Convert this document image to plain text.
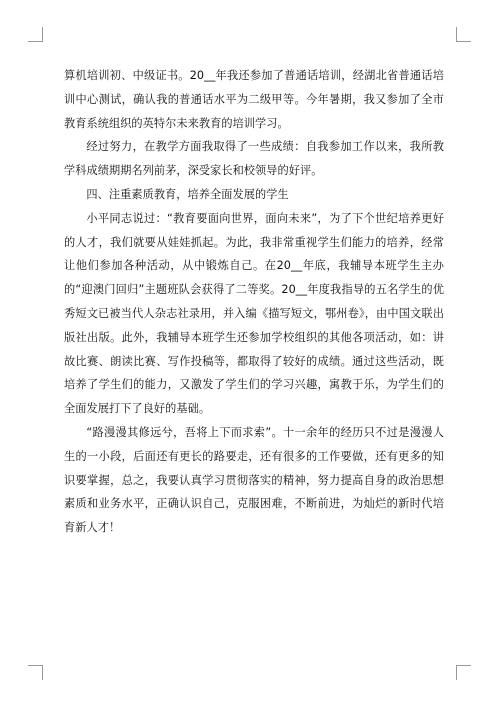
算机培训初、中级证书。20__年我还参加了普通话培训，经湖北省普通话培训中心测试，确认我的普通话水平为二级甲等。今年暑期，我又参加了全市教育系统组织的英特尔未来教育的培训学习。

经过努力，在教学方面我取得了一些成绩：自我参加工作以来，我所教学科成绩期期名列前茅，深受家长和校领导的好评。

四、注重素质教育，培养全面发展的学生

小平同志说过：“教育要面向世界，面向未来”，为了下个世纪培养更好的人才，我们就要从娃娃抓起。为此，我非常重视学生们能力的培养，经常让他们参加各种活动，从中锻炼自己。在20__年底，我辅导本班学生主办的“迎澳门回归”主题班队会获得了二等奖。20__年度我指导的五名学生的优秀短文已被当代人杂志社录用，并入编《描写短文，鄂州卷》，由中国文联出版社出版。此外，我辅导本班学生还参加学校组织的其他各项活动，如：讲故比赛、朗读比赛、写作投稿等，都取得了较好的成绩。通过这些活动，既培养了学生们的能力，又激发了学生们的学习兴趣，寓教于乐，为学生们的全面发展打下了良好的基础。

“路漫漫其修远兮，吾将上下而求索”。十一余年的经历只不过是漫漫人生的一小段，后面还有更长的路要走，还有很多的工作要做，还有更多的知识要掌握，总之，我要认真学习贯彻落实的精神，努力提高自身的政治思想素质和业务水平，正确认识自己，克服困难，不断前进，为灿烂的新时代培育新人才！
